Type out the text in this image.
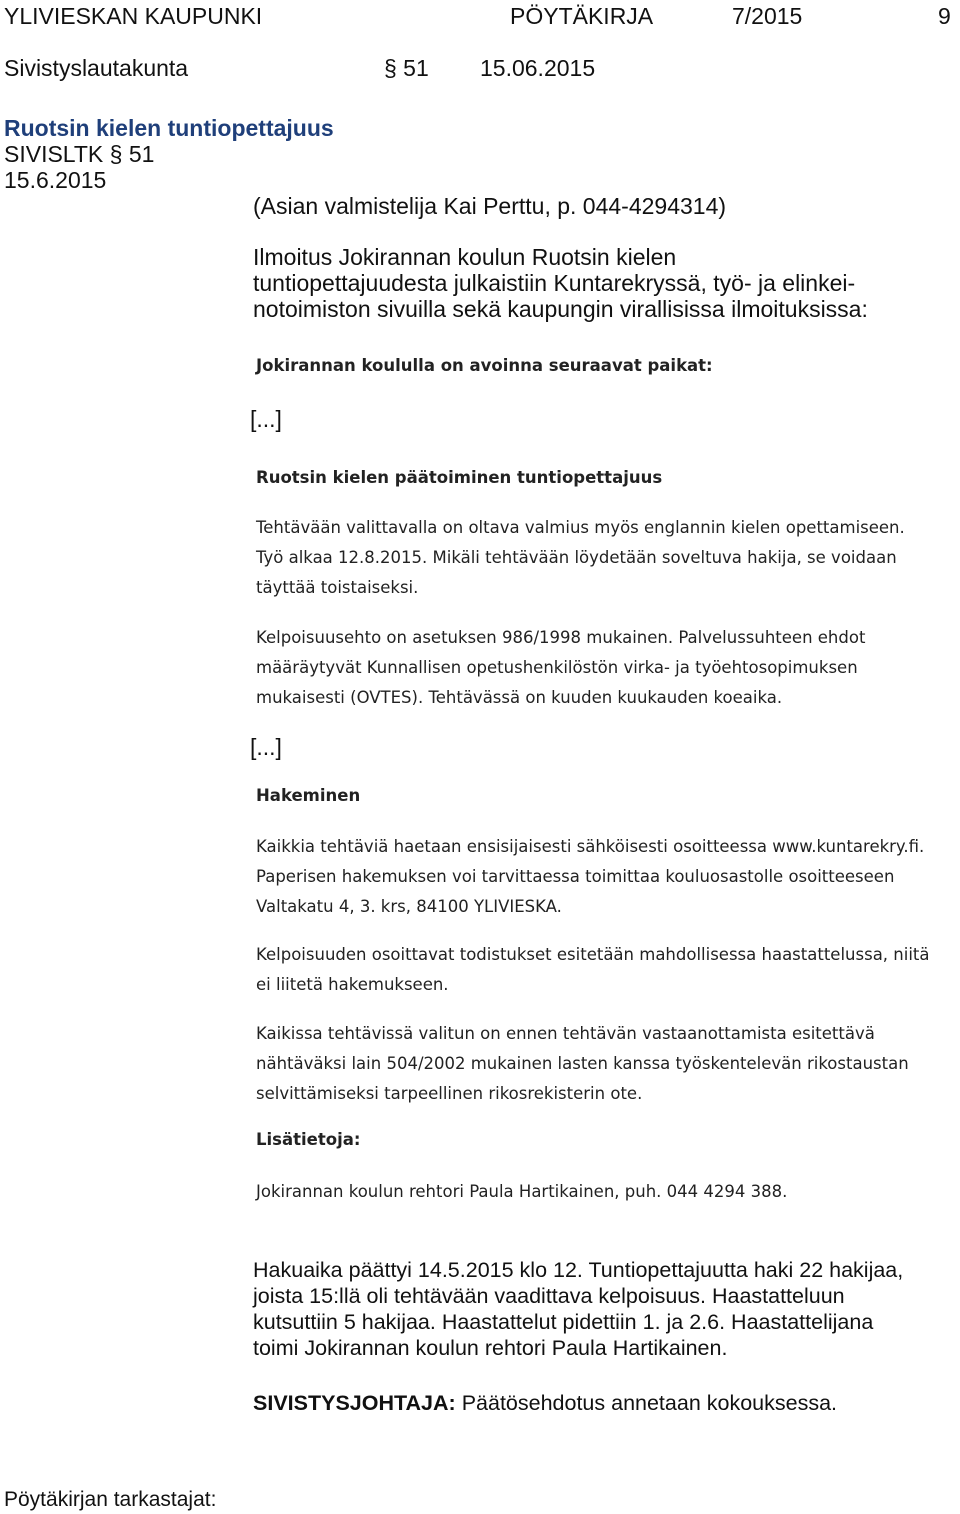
YLIVIESKAN KAUPUNKI	PÖYTÄKIRJA	7/2015	9
Sivistyslautakunta	§ 51 15.06.2015
Ruotsin kielen tuntiopettajuus
SIVISLTK § 51
15.6.2015
(Asian valmistelija Kai Perttu, p. 044-4294314)
Ilmoitus Jokirannan koulun Ruotsin kielen
tuntiopettajuudesta julkaistiin Kuntarekryssä, työ- ja elinkei-
notoimiston sivuilla sekä kaupungin virallisissa ilmoituksissa:
Jokirannan koululla on avoinna seuraavat paikat:
[...]
Ruotsin kielen päätoiminen tuntiopettajuus
Tehtävään valittavalla on oltava valmius myös englannin kielen opettamiseen.
Työ alkaa 12.8.2015. Mikäli tehtävään löydetään soveltuva hakija, se voidaan
täyttää toistaiseksi.
Kelpoisuusehto on asetuksen 986/1998 mukainen. Palvelussuhteen ehdot
määräytyvät Kunnallisen opetushenkilöstön virka- ja työehtosopimuksen
mukaisesti (OVTES). Tehtävässä on kuuden kuukauden koeaika.
[...]
Hakeminen
Kaikkia tehtäviä haetaan ensisijaisesti sähköisesti osoitteessa www.kuntarekry.fi.
Paperisen hakemuksen voi tarvittaessa toimittaa kouluosastolle osoitteeseen
Valtakatu 4, 3. krs, 84100 YLIVIESKA.
Kelpoisuuden osoittavat todistukset esitetään mahdollisessa haastattelussa, niitä
ei liitetä hakemukseen.
Kaikissa tehtävissä valitun on ennen tehtävän vastaanottamista esitettävä
nähtäväksi lain 504/2002 mukainen lasten kanssa työskentelevän rikostaustan
selvittämiseksi tarpeellinen rikosrekisterin ote.
Lisätietoja:
Jokirannan koulun rehtori Paula Hartikainen, puh. 044 4294 388.
Hakuaika päättyi 14.5.2015 klo 12. Tuntiopettajuutta haki 22 hakijaa,
joista 15:llä oli tehtävään vaadittava kelpoisuus. Haastatteluun
kutsuttiin 5 hakijaa. Haastattelut pidettiin 1. ja 2.6. Haastattelijana
toimi Jokirannan koulun rehtori Paula Hartikainen.
SIVISTYSJOHTAJA: Päätösehdotus annetaan kokouksessa.
Pöytäkirjan tarkastajat:
